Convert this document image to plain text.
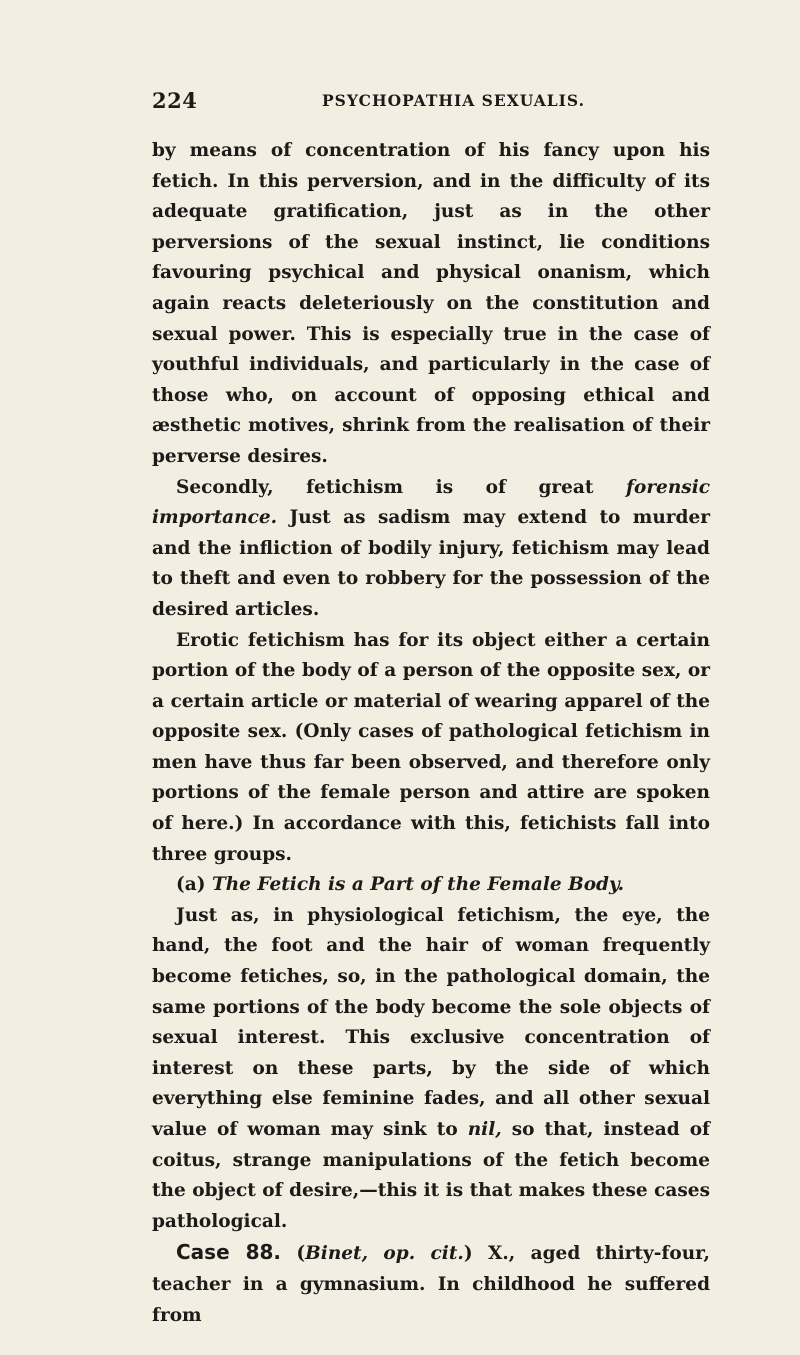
224	PSYCHOPATHIA SEXUALIS.

by means of concentration of his fancy upon his fetich. In this perversion, and in the difficulty of its adequate gratification, just as in the other perversions of the sexual instinct, lie conditions favouring psychical and physical onanism, which again reacts deleteriously on the constitution and sexual power. This is especially true in the case of youthful individuals, and particularly in the case of those who, on account of opposing ethical and æsthetic motives, shrink from the realisation of their perverse desires.

Secondly, fetichism is of great forensic importance. Just as sadism may extend to murder and the infliction of bodily injury, fetichism may lead to theft and even to robbery for the possession of the desired articles.

Erotic fetichism has for its object either a certain portion of the body of a person of the opposite sex, or a certain article or material of wearing apparel of the opposite sex. (Only cases of pathological fetichism in men have thus far been observed, and therefore only portions of the female person and attire are spoken of here.) In accordance with this, fetichists fall into three groups.

(a) The Fetich is a Part of the Female Body.

Just as, in physiological fetichism, the eye, the hand, the foot and the hair of woman frequently become fetiches, so, in the pathological domain, the same portions of the body become the sole objects of sexual interest. This exclusive concentration of interest on these parts, by the side of which everything else feminine fades, and all other sexual value of woman may sink to nil, so that, instead of coitus, strange manipulations of the fetich become the object of desire,—this it is that makes these cases pathological.

Case 88. (Binet, op. cit.) X., aged thirty-four, teacher in a gymnasium. In childhood he suffered from
